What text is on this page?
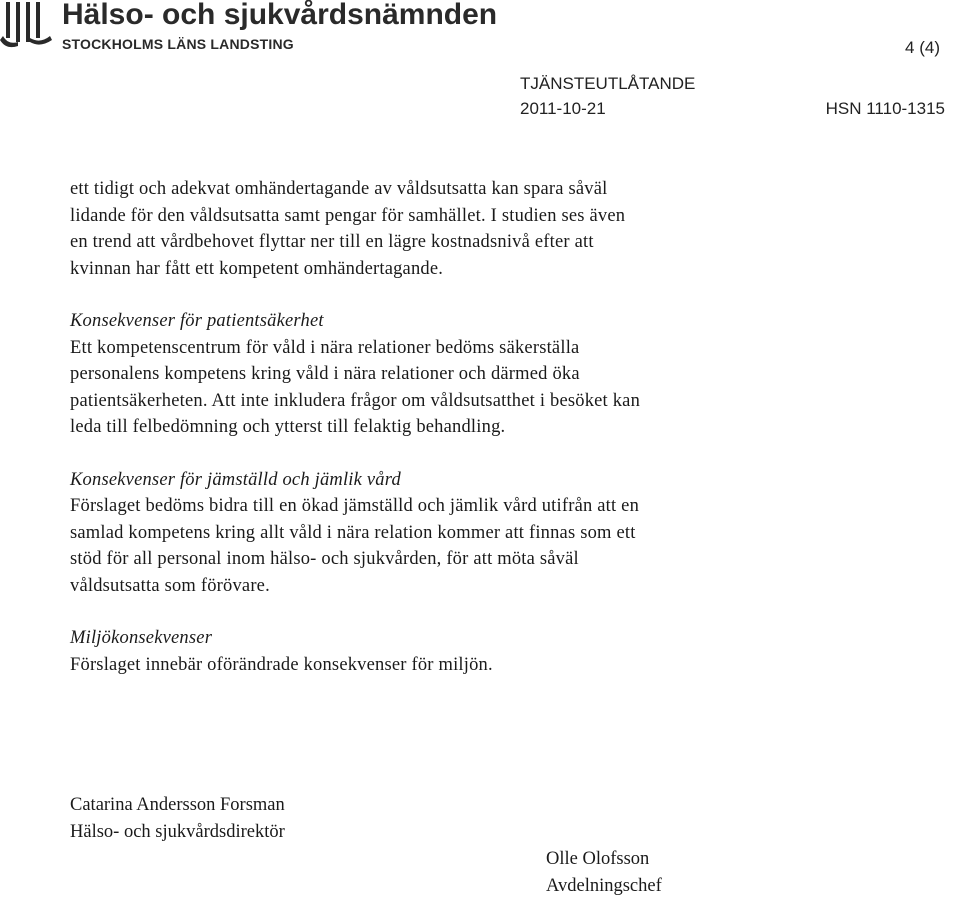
Hälso- och sjukvårdsnämnden
STOCKHOLMS LÄNS LANDSTING	4 (4)
TJÄNSTEUTLÅTANDE
2011-10-21	HSN 1110-1315
ett tidigt och adekvat omhändertagande av våldsutsatta kan spara såväl
lidande för den våldsutsatta samt pengar för samhället. I studien ses även
en trend att vårdbehovet flyttar ner till en lägre kostnadsnivå efter att
kvinnan har fått ett kompetent omhändertagande.
Konsekvenser för patientsäkerhet
Ett kompetenscentrum för våld i nära relationer bedöms säkerställa
personalens kompetens kring våld i nära relationer och därmed öka
patientsäkerheten. Att inte inkludera frågor om våldsutsatthet i besöket kan
leda till felbedömning och ytterst till felaktig behandling.
Konsekvenser för jämställd och jämlik vård
Förslaget bedöms bidra till en ökad jämställd och jämlik vård utifrån att en
samlad kompetens kring allt våld i nära relation kommer att finnas som ett
stöd för all personal inom hälso- och sjukvården, för att möta såväl
våldsutsatta som förövare.
Miljökonsekvenser
Förslaget innebär oförändrade konsekvenser för miljön.
Catarina Andersson Forsman
Hälso- och sjukvårdsdirektör
Olle Olofsson
Avdelningschef
